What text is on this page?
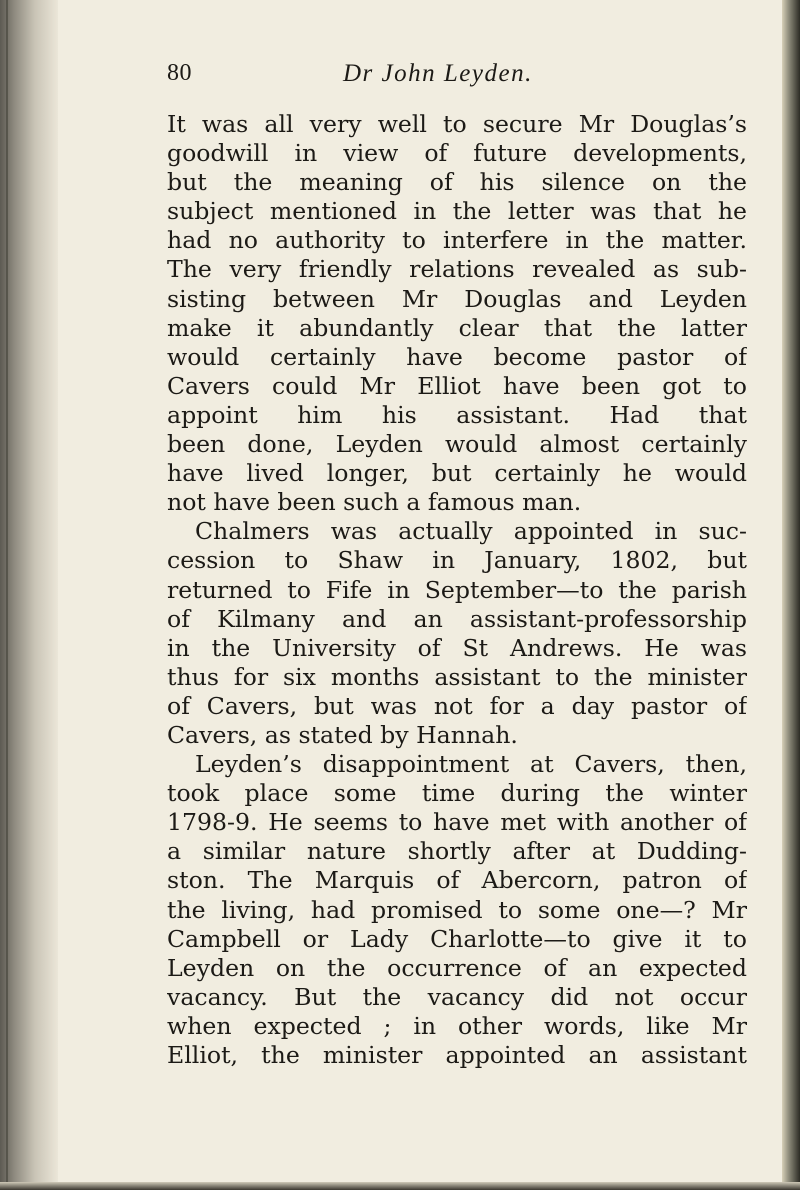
80	Dr John Leyden.
It was all very well to secure Mr Douglas’s
goodwill in view of future developments,
but the meaning of his silence on the
subject mentioned in the letter was that he
had no authority to interfere in the matter.
The very friendly relations revealed as sub-
sisting between Mr Douglas and Leyden
make it abundantly clear that the latter
would certainly have become pastor of
Cavers could Mr Elliot have been got to
appoint him his assistant. Had that
been done, Leyden would almost certainly
have lived longer, but certainly he would
not have been such a famous man.
Chalmers was actually appointed in suc-
cession to Shaw in January, 1802, but
returned to Fife in September—to the parish
of Kilmany and an assistant-professorship
in the University of St Andrews. He was
thus for six months assistant to the minister
of Cavers, but was not for a day pastor of
Cavers, as stated by Hannah.
Leyden’s disappointment at Cavers, then,
took place some time during the winter
1798-9. He seems to have met with another of
a similar nature shortly after at Dudding-
ston. The Marquis of Abercorn, patron of
the living, had promised to some one—? Mr
Campbell or Lady Charlotte—to give it to
Leyden on the occurrence of an expected
vacancy. But the vacancy did not occur
when expected ; in other words, like Mr
Elliot, the minister appointed an assistant
